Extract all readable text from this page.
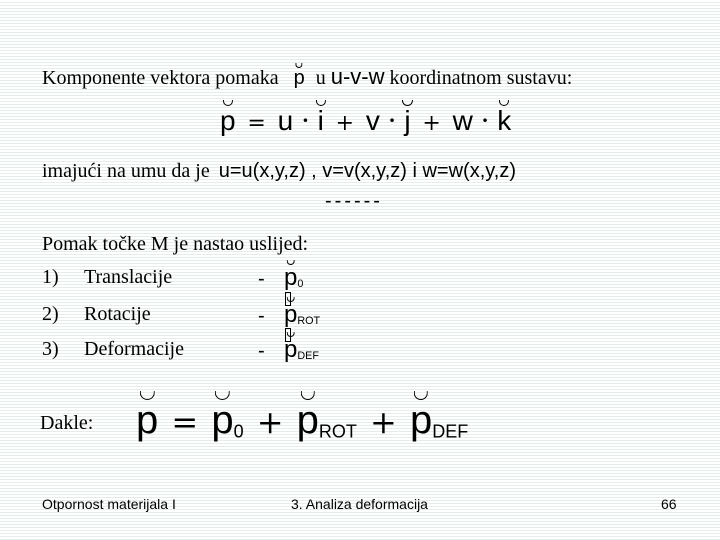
Komponente vektora pomaka p u u-v-w koordinatnom sustavu:
p = u · i + v · j + w · k
imajući na umu da je u=u(x,y,z) , v=v(x,y,z) i w=w(x,y,z)
------
Pomak točke M je nastao uslijed:
1) Translacije	- p0
2) Rotacije	- pROT
3) Deformacije	- pDEF
Dakle: $p = p_0 + p_{ROT} + p_{DEF}$
Otpornost materijala I	3. Analiza deformacija	66
